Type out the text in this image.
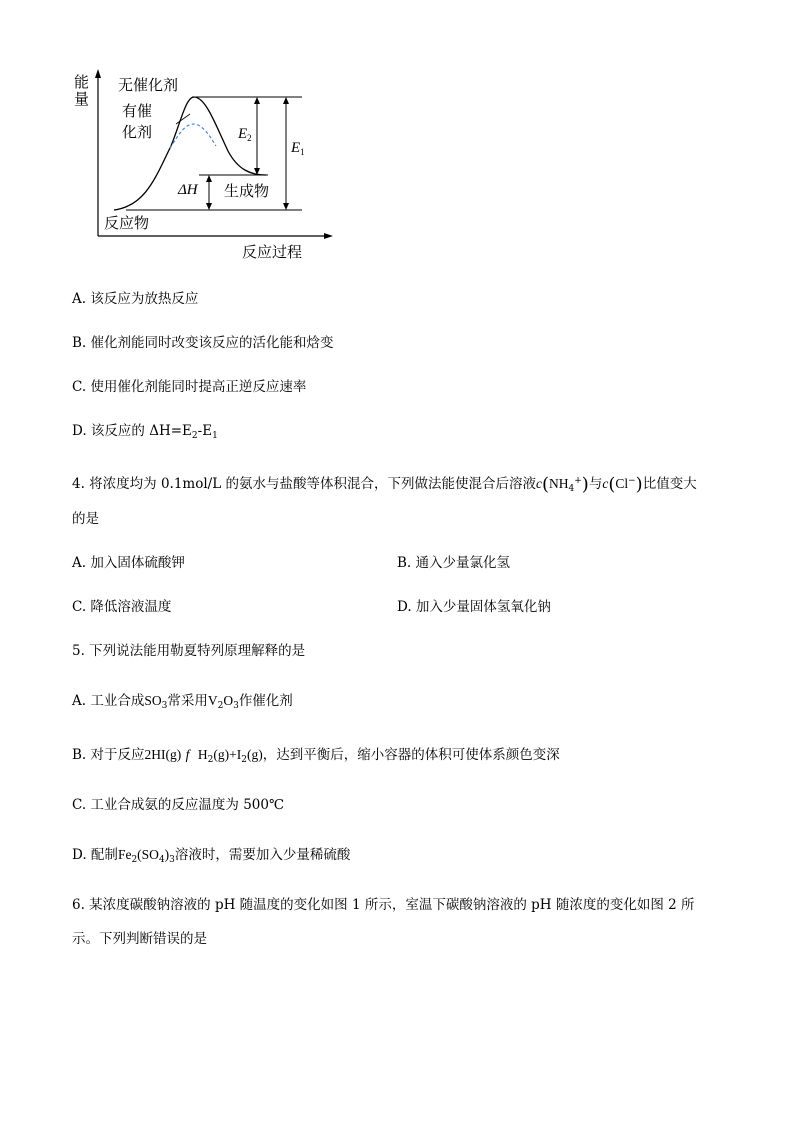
能量
无催化剂
有催
化剂	$E_2$
$E_1$
ΔH 生成物
反应物
反应过程
A. 该反应为放热反应
B. 催化剂能同时改变该反应的活化能和焓变
C. 使用催化剂能同时提高正逆反应速率
D. 该反应的 $\Delta H=E_2-E_1$
4. 将浓度均为 0.1mol/L 的氨水与盐酸等体积混合，下列做法能使混合后溶液$c(NH_4^+)$与c(Cl−)比值变大
的是
A. 加入固体硫酸钾	B. 通入少量氯化氢
C. 降低溶液温度	D. 加入少量固体氢氧化钠
5. 下列说法能用勒夏特列原理解释的是
A. 工业合成$SO_3$常采用$V_2O_3$作催化剂
B. 对于反应2HI(g) f $H_2(g)+I_2(g)$，达到平衡后，缩小容器的体积可使体系颜色变深
C. 工业合成氨的反应温度为 500℃
D. 配制$Fe_2(SO_4)_3$溶液时，需要加入少量稀硫酸
6. 某浓度碳酸钠溶液的 pH 随温度的变化如图 1 所示，室温下碳酸钠溶液的 pH 随浓度的变化如图 2 所
示。下列判断错误的是
